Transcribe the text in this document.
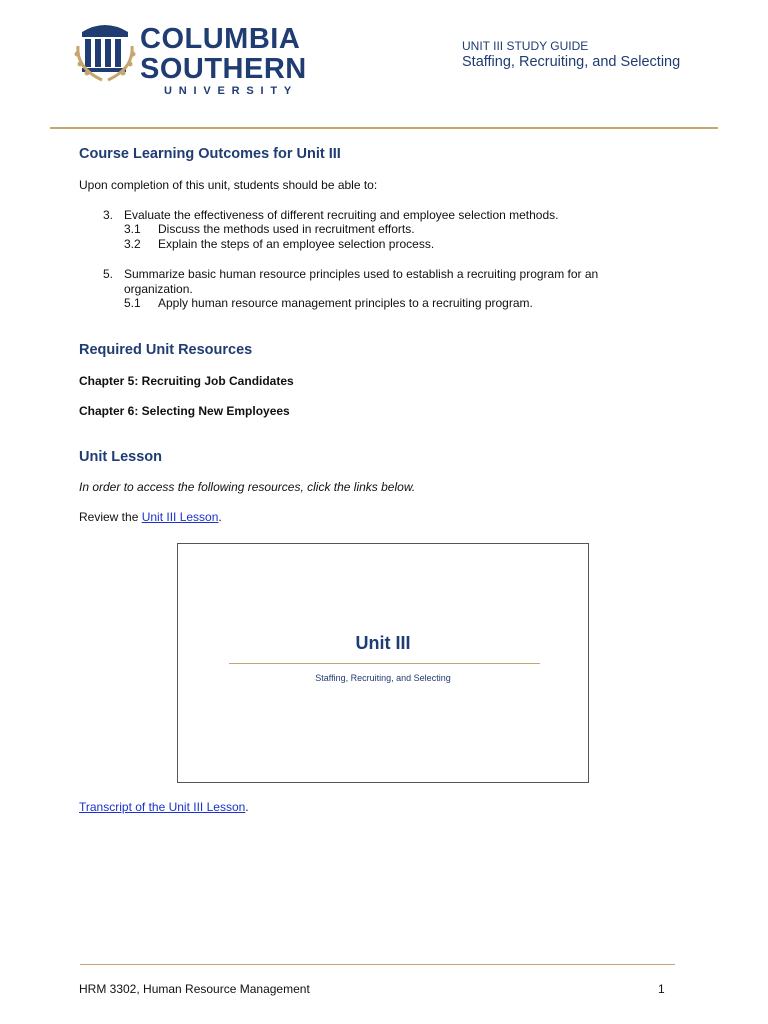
COLUMBIA
SOUTHERN
UNIVERSITY
UNIT III STUDY GUIDE
Staffing, Recruiting, and Selecting
Course Learning Outcomes for Unit III
Upon completion of this unit, students should be able to:
3. Evaluate the effectiveness of different recruiting and employee selection methods.
3.1 Discuss the methods used in recruitment efforts.
3.2 Explain the steps of an employee selection process.
5. Summarize basic human resource principles used to establish a recruiting program for an
organization.
5.1 Apply human resource management principles to a recruiting program.
Required Unit Resources
Chapter 5: Recruiting Job Candidates
Chapter 6: Selecting New Employees
Unit Lesson
In order to access the following resources, click the links below.
Review the Unit III Lesson.
Unit III
Staffing, Recruiting, and Selecting
Transcript of the Unit III Lesson.
HRM 3302, Human Resource Management	1
